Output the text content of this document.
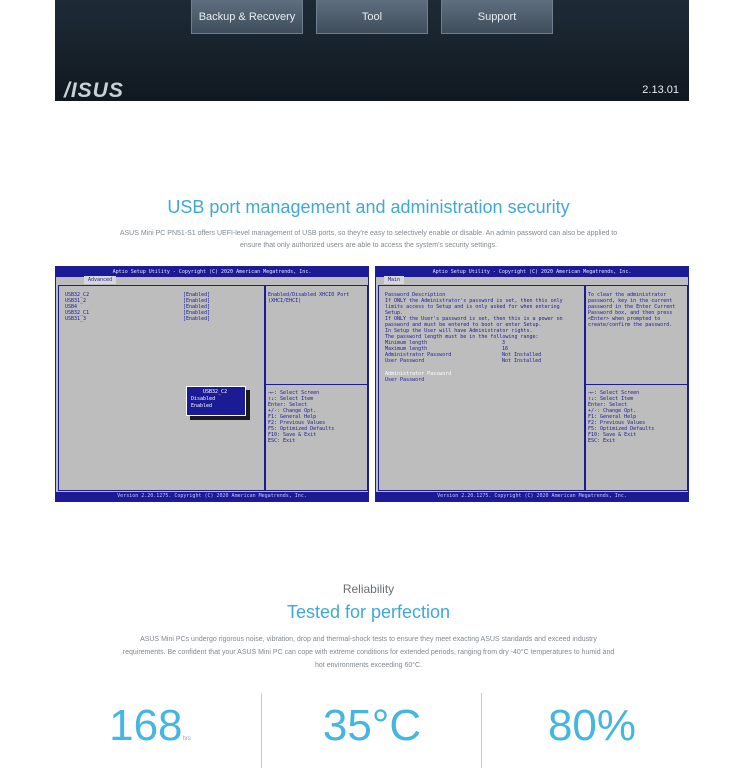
Backup & Recovery	Tool	Support
/ISUS	2.13.01
USB port management and administration security
ASUS Mini PC PN51-S1 offers UEFI-level management of USB ports, so they're easy to selectively enable or disable. An admin password can also be applied to
ensure that only authorized users are able to access the system's security settings.
Aptio Setup Utility - Copyright (C) 2020 American Megatrends, Inc.
Advanced
USB32_C2	[Enabled]
USB31_2	[Enabled]
USB4	[Enabled]
USB32_C1	[Enabled]
USB31_3	[Enabled]
USB32_C2
Disabled
Enabled
Enabled/Disabled XHCI0 Port
(XHCI/EHCI)
→←: Select Screen
↑↓: Select Item
Enter: Select
+/-: Change Opt.
F1: General Help
F2: Previous Values
F5: Optimized Defaults
F10: Save & Exit
ESC: Exit
Version 2.20.1275. Copyright (C) 2020 American Megatrends, Inc.
Aptio Setup Utility - Copyright (C) 2020 American Megatrends, Inc.
Main
Password Description
If ONLY the Administrator's password is set, then this only
limits access to Setup and is only asked for when entering
Setup.
If ONLY the User's password is set, then this is a power on
password and must be entered to boot or enter Setup.
In Setup the User will have Administrator rights.
The password length must be in the following range:
Minimum length	3
Maximum length	16
Administrator Password	Not Installed
User Password	Not Installed
Administrator Password
User Password
To clear the administrator
password, key in the current
password in the Enter Current
Password box, and then press
<Enter> when prompted to
create/confirm the password.
→←: Select Screen
↑↓: Select Item
Enter: Select
+/-: Change Opt.
F1: General Help
F2: Previous Values
F5: Optimized Defaults
F10: Save & Exit
ESC: Exit
Version 2.20.1275. Copyright (C) 2020 American Megatrends, Inc.
Reliability
Tested for perfection
ASUS Mini PCs undergo rigorous noise, vibration, drop and thermal-shock tests to ensure they meet exacting ASUS standards and exceed industry
requirements. Be confident that your ASUS Mini PC can cope with extreme conditions for extended periods, ranging from dry -40°C temperatures to humid and
hot environments exceeding 60°C.
168hrs	35°C	80%
